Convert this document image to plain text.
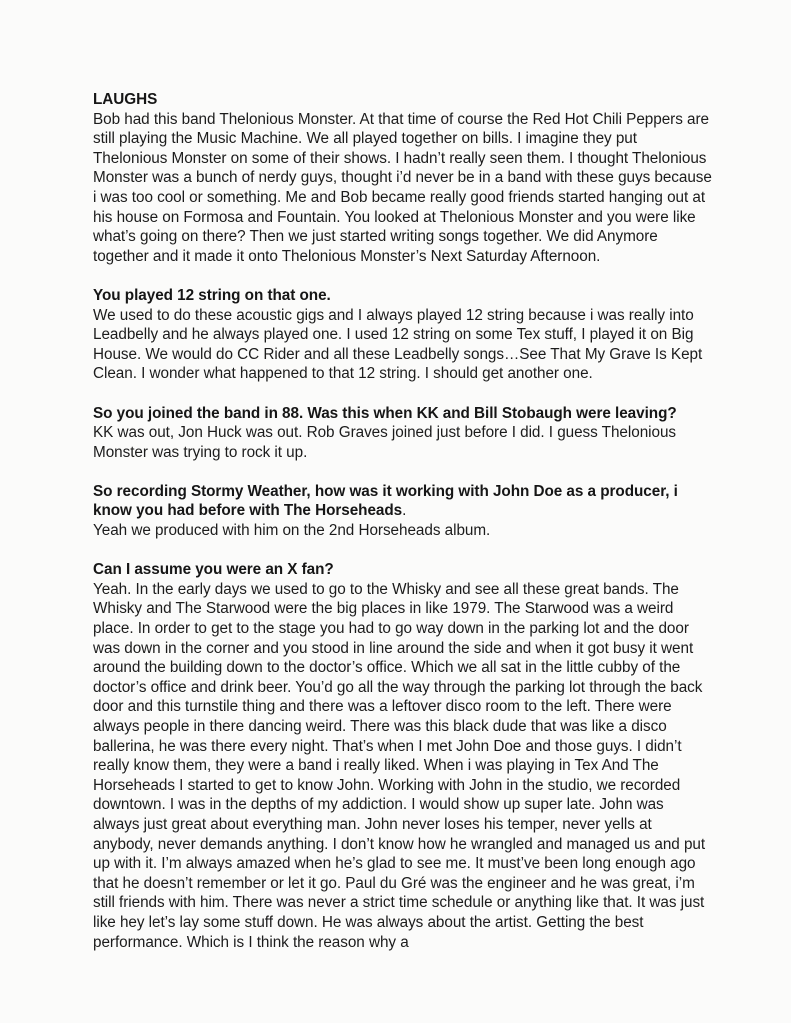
LAUGHS

Bob had this band Thelonious Monster. At that time of course the Red Hot Chili Peppers are still playing the Music Machine. We all played together on bills. I imagine they put Thelonious Monster on some of their shows. I hadn’t really seen them. I thought Thelonious Monster was a bunch of nerdy guys, thought i’d never be in a band with these guys because i was too cool or something. Me and Bob became really good friends started hanging out at his house on Formosa and Fountain. You looked at Thelonious Monster and you were like what’s going on there? Then we just started writing songs together. We did Anymore together and it made it onto Thelonious Monster’s Next Saturday Afternoon.

You played 12 string on that one.

We used to do these acoustic gigs and I always played 12 string because i was really into Leadbelly and he always played one. I used 12 string on some Tex stuff, I played it on Big House. We would do CC Rider and all these Leadbelly songs…See That My Grave Is Kept Clean. I wonder what happened to that 12 string. I should get another one.

So you joined the band in 88. Was this when KK and Bill Stobaugh were leaving?

KK was out, Jon Huck was out. Rob Graves joined just before I did. I guess Thelonious Monster was trying to rock it up.

So recording Stormy Weather, how was it working with John Doe as a producer, i know you had before with The Horseheads.

Yeah we produced with him on the 2nd Horseheads album.

Can I assume you were an X fan?

Yeah. In the early days we used to go to the Whisky and see all these great bands. The Whisky and The Starwood were the big places in like 1979. The Starwood was a weird place. In order to get to the stage you had to go way down in the parking lot and the door was down in the corner and you stood in line around the side and when it got busy it went around the building down to the doctor’s office. Which we all sat in the little cubby of the doctor’s office and drink beer. You’d go all the way through the parking lot through the back door and this turnstile thing and there was a leftover disco room to the left. There were always people in there dancing weird. There was this black dude that was like a disco ballerina, he was there every night. That’s when I met John Doe and those guys. I didn’t really know them, they were a band i really liked. When i was playing in Tex And The Horseheads I started to get to know John. Working with John in the studio, we recorded downtown. I was in the depths of my addiction. I would show up super late. John was always just great about everything man. John never loses his temper, never yells at anybody, never demands anything. I don’t know how he wrangled and managed us and put up with it. I’m always amazed when he’s glad to see me. It must’ve been long enough ago that he doesn’t remember or let it go. Paul du Gré was the engineer and he was great, i’m still friends with him. There was never a strict time schedule or anything like that. It was just like hey let’s lay some stuff down. He was always about the artist. Getting the best performance. Which is I think the reason why a
